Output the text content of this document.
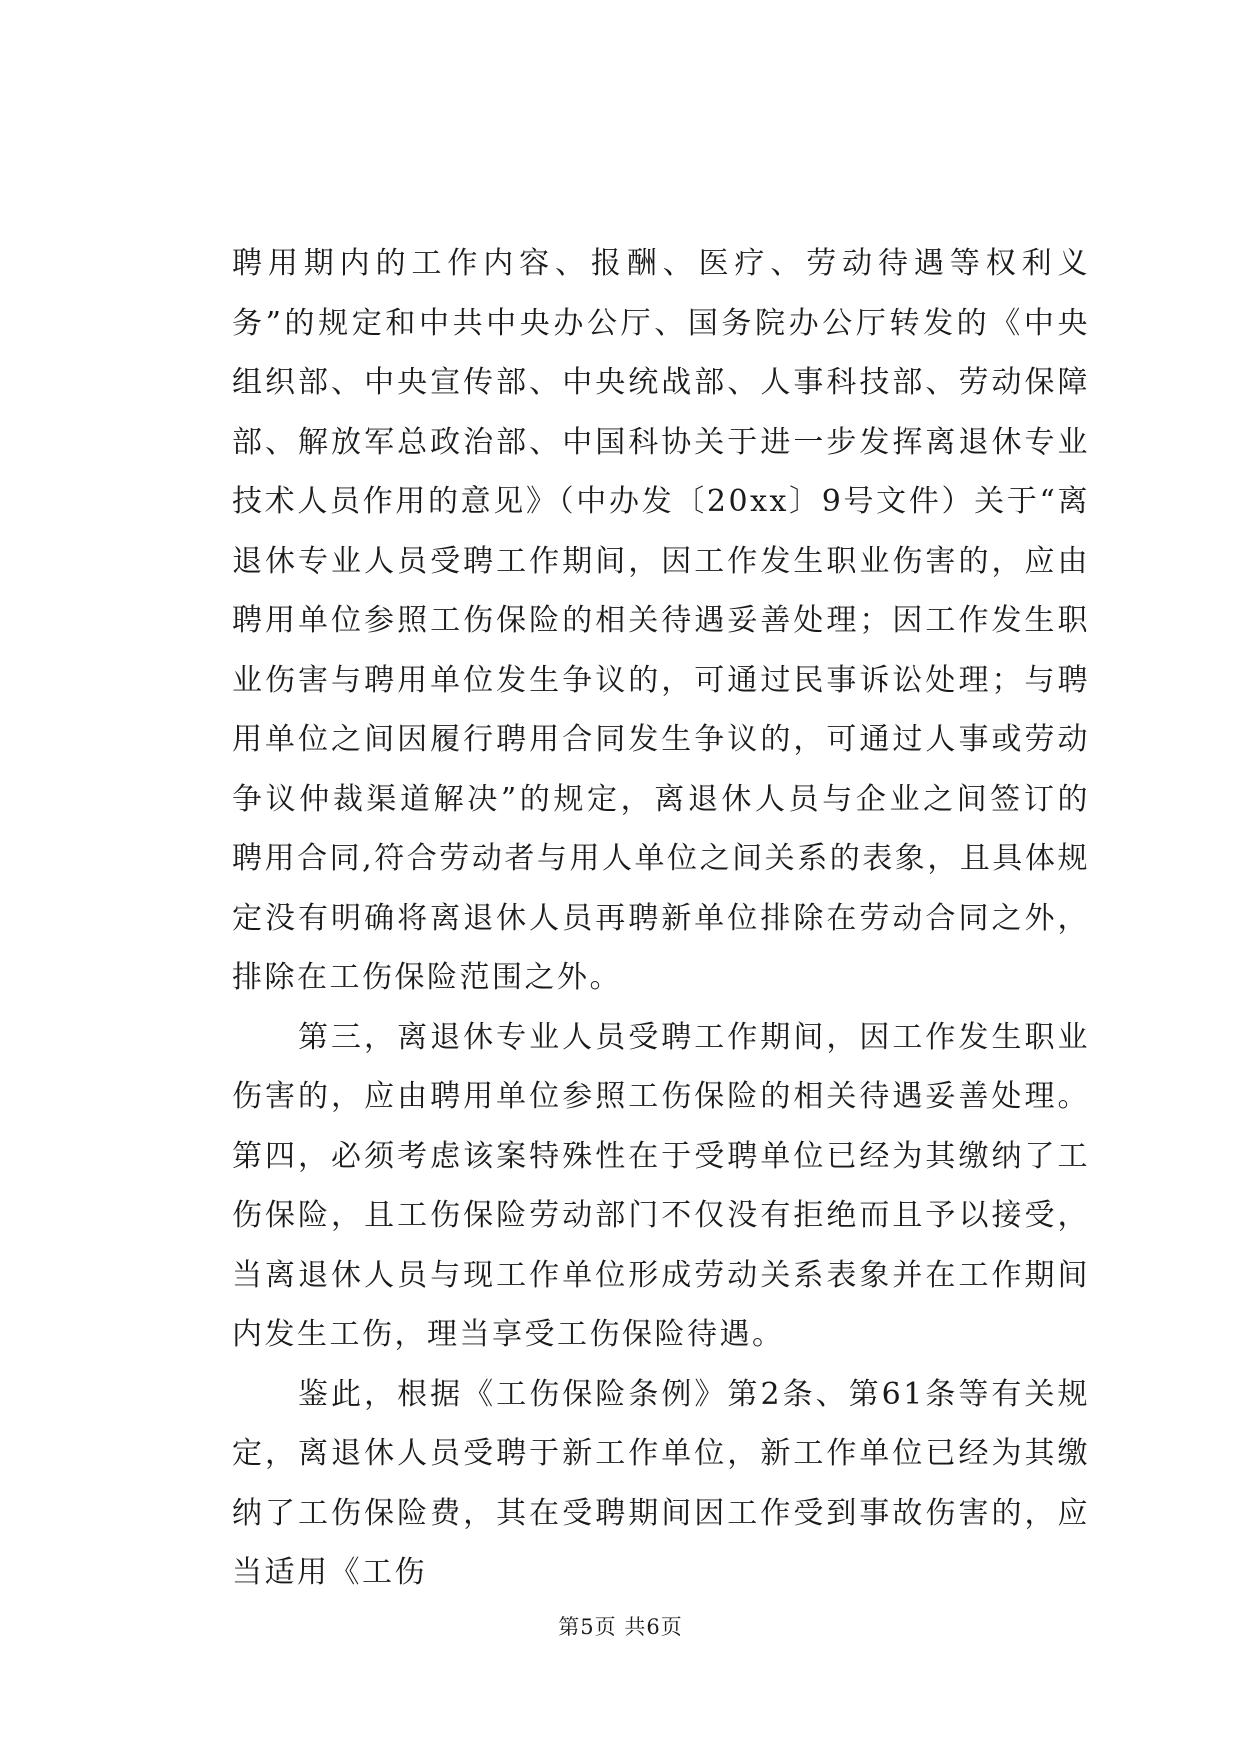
聘用期内的工作内容、报酬、医疗、劳动待遇等权利义务”的规定和中共中央办公厅、国务院办公厅转发的《中央组织部、中央宣传部、中央统战部、人事科技部、劳动保障部、解放军总政治部、中国科协关于进一步发挥离退休专业技术人员作用的意见》（中办发〔20xx〕9号文件）关于“离退休专业人员受聘工作期间，因工作发生职业伤害的，应由聘用单位参照工伤保险的相关待遇妥善处理；因工作发生职业伤害与聘用单位发生争议的，可通过民事诉讼处理；与聘用单位之间因履行聘用合同发生争议的，可通过人事或劳动争议仲裁渠道解决”的规定，离退休人员与企业之间签订的聘用合同,符合劳动者与用人单位之间关系的表象，且具体规定没有明确将离退休人员再聘新单位排除在劳动合同之外，排除在工伤保险范围之外。

第三，离退休专业人员受聘工作期间，因工作发生职业伤害的，应由聘用单位参照工伤保险的相关待遇妥善处理。第四，必须考虑该案特殊性在于受聘单位已经为其缴纳了工伤保险，且工伤保险劳动部门不仅没有拒绝而且予以接受，当离退休人员与现工作单位形成劳动关系表象并在工作期间内发生工伤，理当享受工伤保险待遇。

鉴此，根据《工伤保险条例》第2条、第61条等有关规定，离退休人员受聘于新工作单位，新工作单位已经为其缴纳了工伤保险费，其在受聘期间因工作受到事故伤害的，应当适用《工伤

第5页 共6页
